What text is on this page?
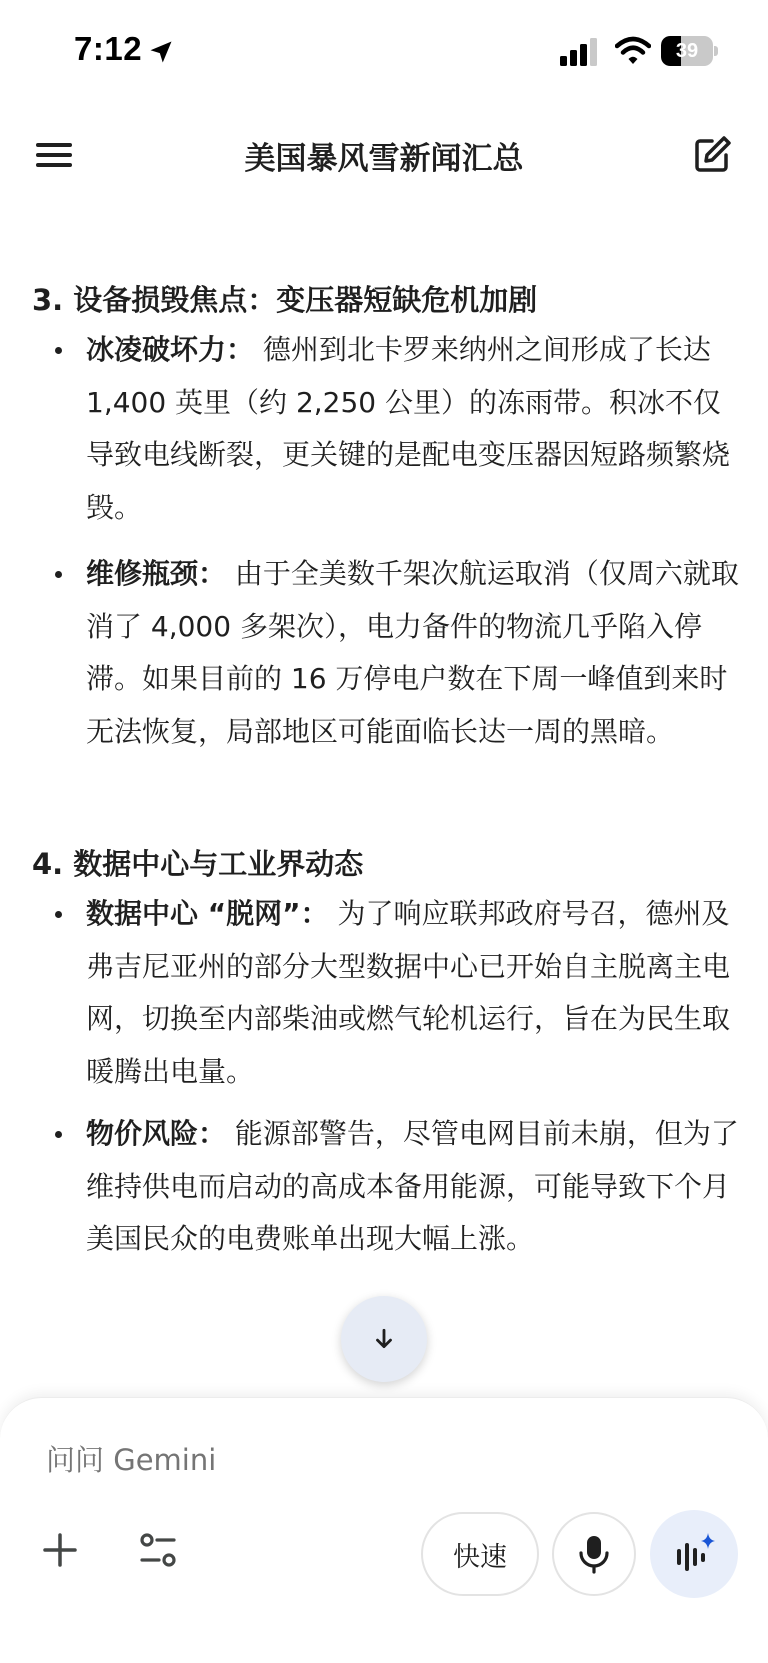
7:12	39
美国暴风雪新闻汇总
3. 设备损毁焦点：变压器短缺危机加剧
冰凌破坏力： 德州到北卡罗来纳州之间形成了长达 1,400 英里（约 2,250 公里）的冻雨带。积冰不仅导致电线断裂，更关键的是配电变压器因短路频繁烧毁。
维修瓶颈： 由于全美数千架次航运取消（仅周六就取消了 4,000 多架次），电力备件的物流几乎陷入停滞。如果目前的 16 万停电户数在下周一峰值到来时无法恢复，局部地区可能面临长达一周的黑暗。
4. 数据中心与工业界动态
数据中心 “脱网”： 为了响应联邦政府号召，德州及弗吉尼亚州的部分大型数据中心已开始自主脱离主电网，切换至内部柴油或燃气轮机运行，旨在为民生取暖腾出电量。
物价风险： 能源部警告，尽管电网目前未崩，但为了维持供电而启动的高成本备用能源，可能导致下个月美国民众的电费账单出现大幅上涨。
问问 Gemini
快速
